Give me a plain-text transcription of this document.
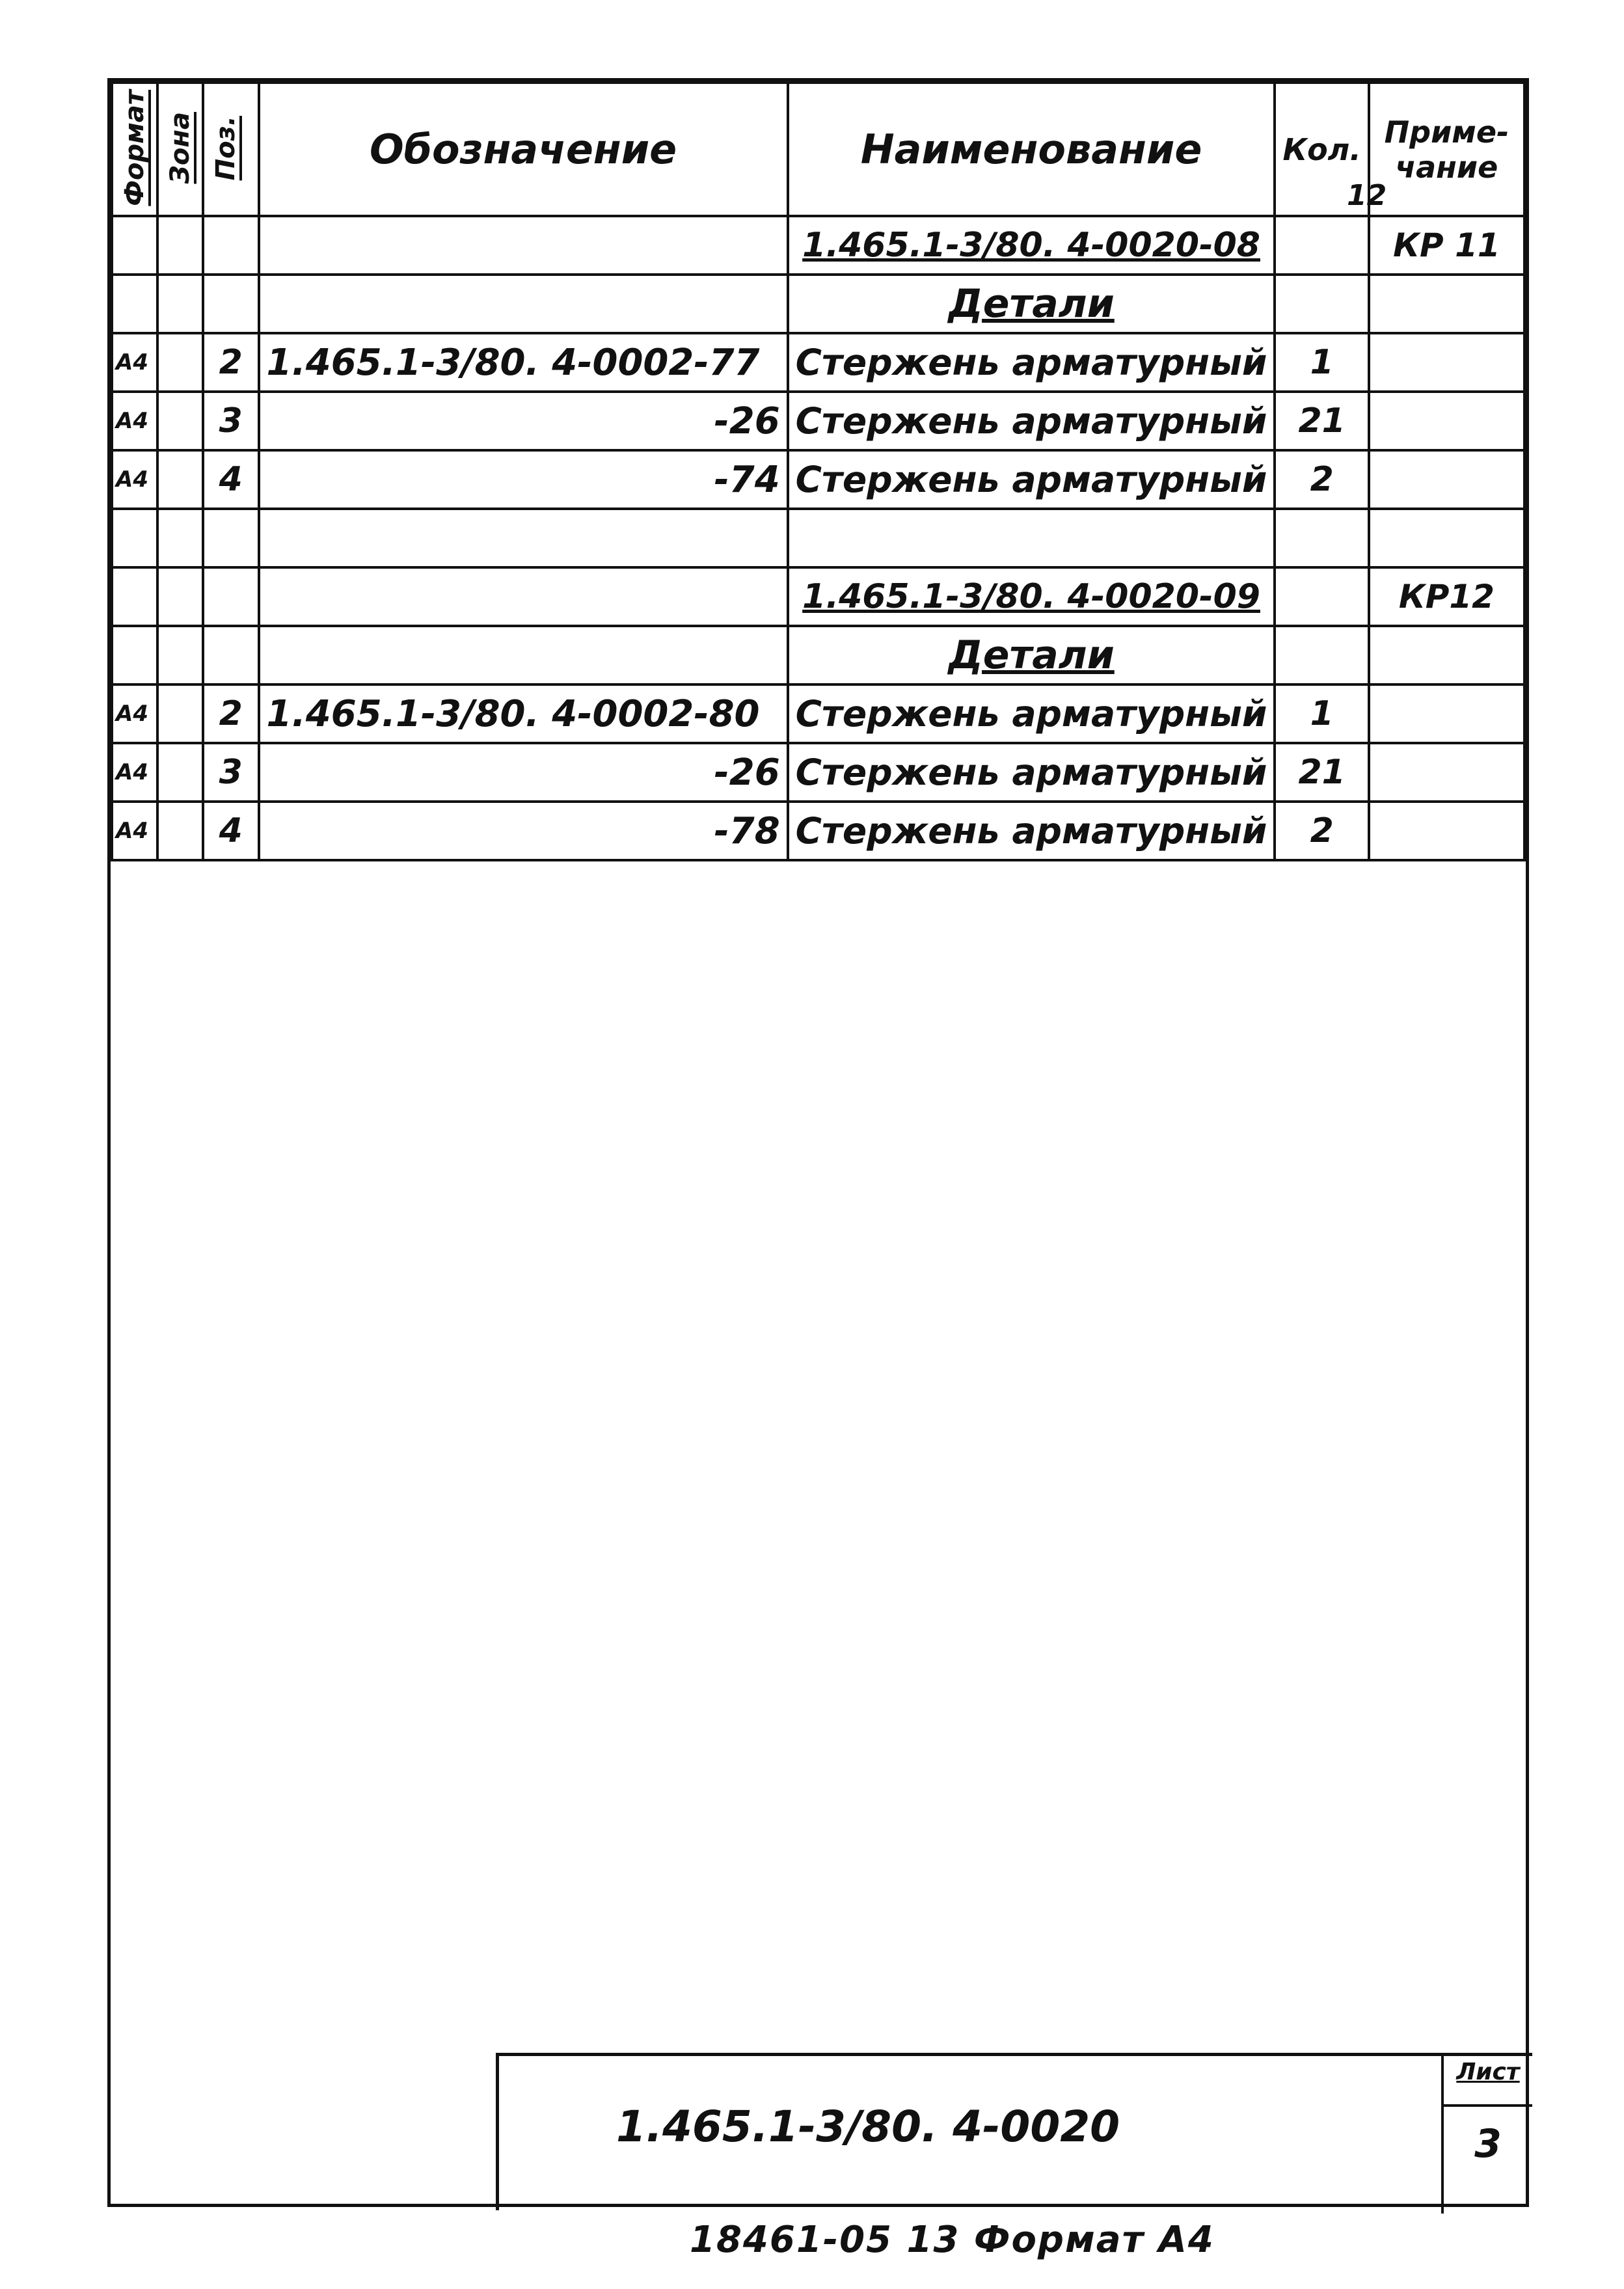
Формат	Зона	Поз.	Обозначение	Наименование	Кол.	Приме-
чание
				1.465.1-3/80. 4-0020-08		КР 11
				Детали		
А4		2	1.465.1-3/80. 4-0002-77	Стержень арматурный	1	
А4		3	-26	Стержень арматурный	21	
А4		4	-74	Стержень арматурный	2	

				1.465.1-3/80. 4-0020-09		КР12
				Детали		
А4		2	1.465.1-3/80. 4-0002-80	Стержень арматурный	1	
А4		3	-26	Стержень арматурный	21	
А4		4	-78	Стержень арматурный	2	
12
1.465.1-3/80. 4-0020
Лист
3
18461-05 13 Формат А4
